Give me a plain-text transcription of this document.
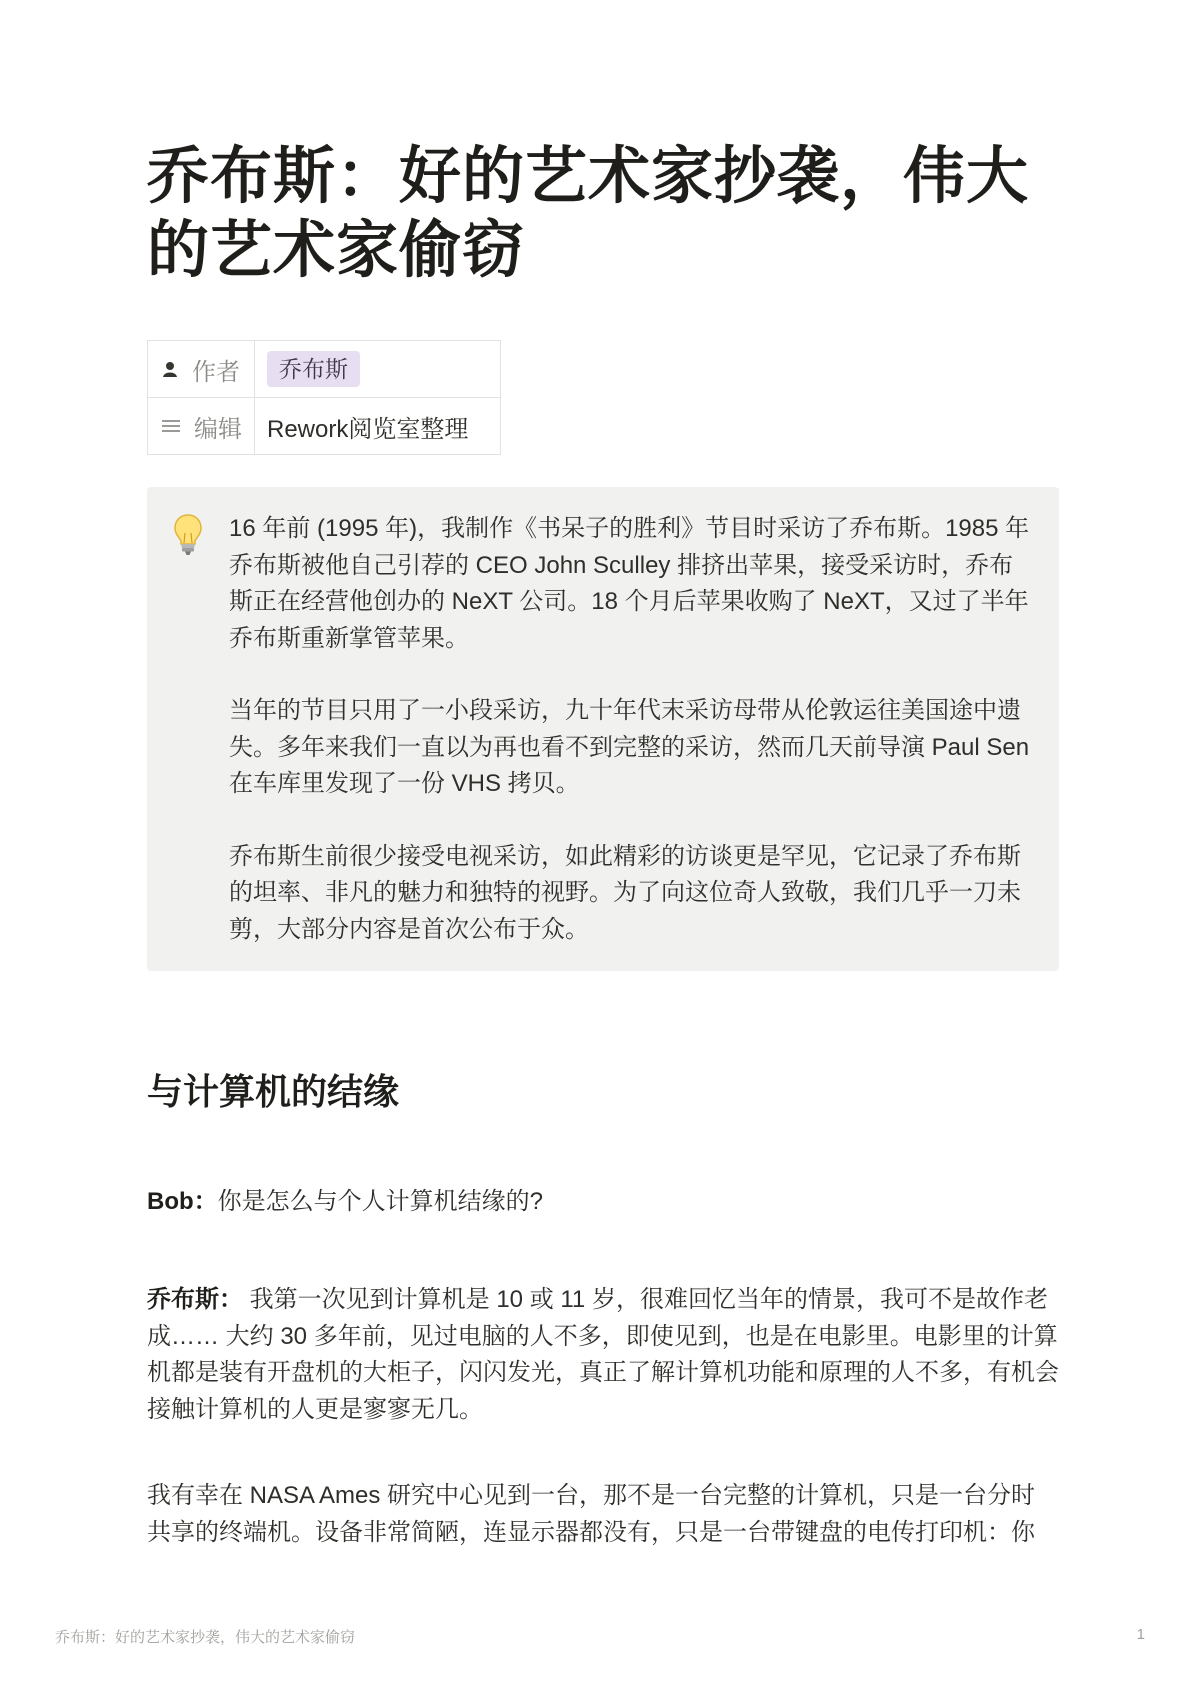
乔布斯：好的艺术家抄袭，伟大的艺术家偷窃
作者	乔布斯

编辑	Rework阅览室整理

16 年前 (1995 年)，我制作《书呆子的胜利》节目时采访了乔布斯。1985 年乔布斯被他自己引荐的 CEO John Sculley 排挤出苹果，接受采访时，乔布斯正在经营他创办的 NeXT 公司。18 个月后苹果收购了 NeXT，又过了半年乔布斯重新掌管苹果。

当年的节目只用了一小段采访，九十年代末采访母带从伦敦运往美国途中遗失。多年来我们一直以为再也看不到完整的采访，然而几天前导演 Paul Sen 在车库里发现了一份 VHS 拷贝。

乔布斯生前很少接受电视采访，如此精彩的访谈更是罕见，它记录了乔布斯的坦率、非凡的魅力和独特的视野。为了向这位奇人致敬，我们几乎一刀未剪，大部分内容是首次公布于众。

与计算机的结缘

Bob：你是怎么与个人计算机结缘的?

乔布斯： 我第一次见到计算机是 10 或 11 岁，很难回忆当年的情景，我可不是故作老成…… 大约 30 多年前，见过电脑的人不多，即使见到，也是在电影里。电影里的计算机都是装有开盘机的大柜子，闪闪发光，真正了解计算机功能和原理的人不多，有机会接触计算机的人更是寥寥无几。

我有幸在 NASA Ames 研究中心见到一台，那不是一台完整的计算机，只是一台分时共享的终端机。设备非常简陋，连显示器都没有，只是一台带键盘的电传打印机：你

乔布斯：好的艺术家抄袭，伟大的艺术家偷窃	1
